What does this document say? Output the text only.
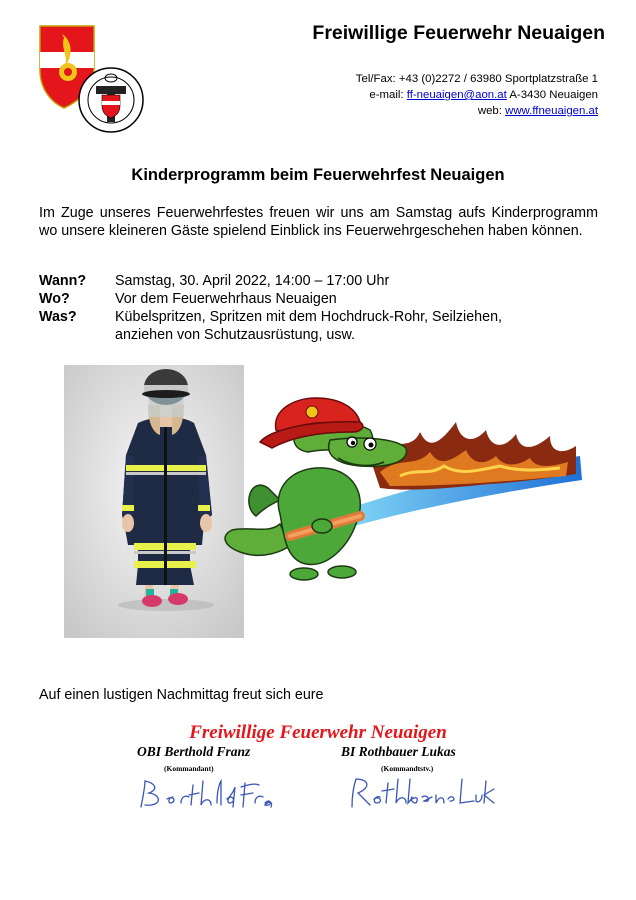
Freiwillige Feuerwehr Neuaigen
Tel/Fax: +43 (0)2272 / 63980 Sportplatzstraße 1
e-mail: ff-neuaigen@aon.at A-3430 Neuaigen
web: www.ffneuaigen.at
Kinderprogramm beim Feuerwehrfest Neuaigen
Im Zuge unseres Feuerwehrfestes freuen wir uns am Samstag aufs Kinderprogramm wo unsere kleineren Gäste spielend Einblick ins Feuerwehrgeschehen haben können.
Wann? Samstag, 30. April 2022, 14:00 – 17:00 Uhr
Wo?	Vor dem Feuerwehrhaus Neuaigen
Was?	Kübelspritzen, Spritzen mit dem Hochdruck-Rohr, Seilziehen, anziehen von Schutzausrüstung, usw.
Auf einen lustigen Nachmittag freut sich eure
Freiwillige Feuerwehr Neuaigen
OBI Berthold Franz
(Kommandant)
BI Rothbauer Lukas
(Kommandtstv.)
